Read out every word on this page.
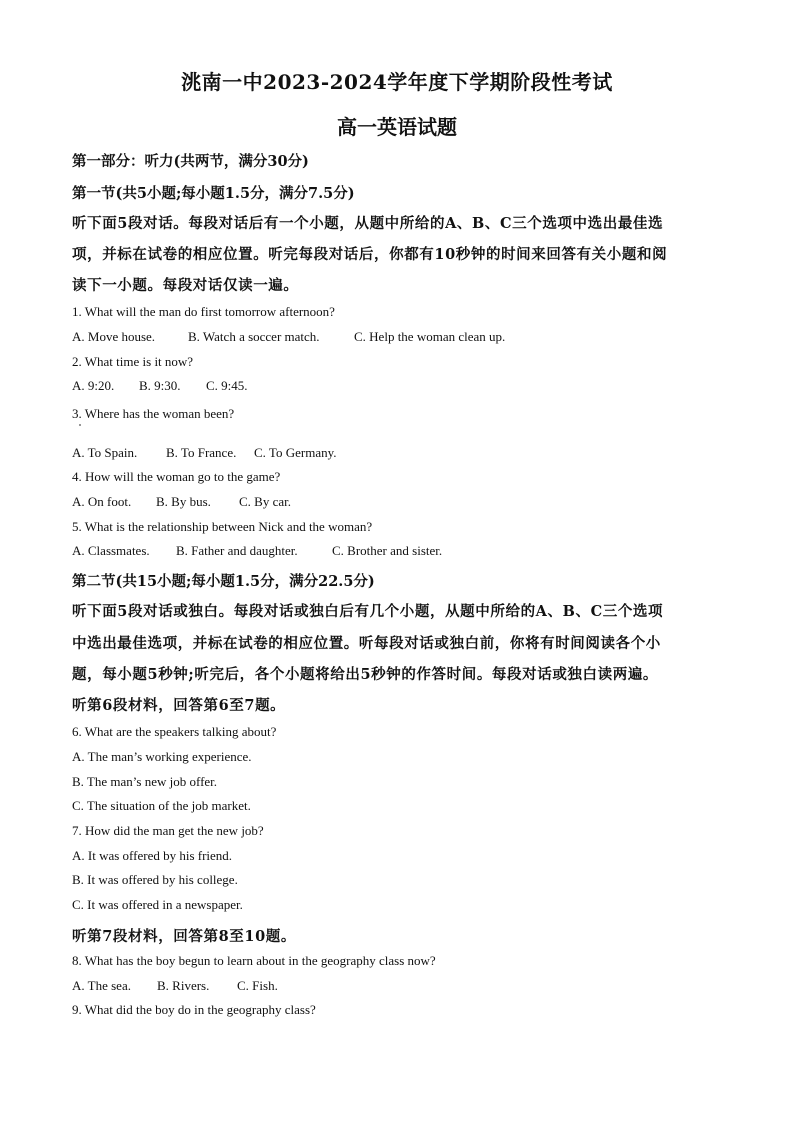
洮南一中2023-2024学年度下学期阶段性考试
高一英语试题
第一部分：听力(共两节，满分30分)
第一节(共5小题;每小题1.5分，满分7.5分)
听下面5段对话。每段对话后有一个小题，从题中所给的A、B、C三个选项中选出最佳选
项，并标在试卷的相应位置。听完每段对话后，你都有10秒钟的时间来回答有关小题和阅
读下一小题。每段对话仅读一遍。
1. What will the man do first tomorrow afternoon?
A. Move house.	B. Watch a soccer match.	C. Help the woman clean up.
2. What time is it now?
A. 9:20. B. 9:30. C. 9:45.
3. Where has the woman been?
A. To Spain. B. To France. C. To Germany.
4. How will the woman go to the game?
A. On foot. B. By bus. C. By car.
5. What is the relationship between Nick and the woman?
A. Classmates. B. Father and daughter.	C. Brother and sister.
第二节(共15小题;每小题1.5分，满分22.5分)
听下面5段对话或独白。每段对话或独白后有几个小题，从题中所给的A、B、C三个选项
中选出最佳选项，并标在试卷的相应位置。听每段对话或独白前，你将有时间阅读各个小
题，每小题5秒钟;听完后，各个小题将给出5秒钟的作答时间。每段对话或独白读两遍。
听第6段材料，回答第6至7题。
6. What are the speakers talking about?
A. The man’s working experience.
B. The man’s new job offer.
C. The situation of the job market.
7. How did the man get the new job?
A. It was offered by his friend.
B. It was offered by his college.
C. It was offered in a newspaper.
听第7段材料，回答第8至10题。
8. What has the boy begun to learn about in the geography class now?
A. The sea. B. Rivers. C. Fish.
9. What did the boy do in the geography class?
